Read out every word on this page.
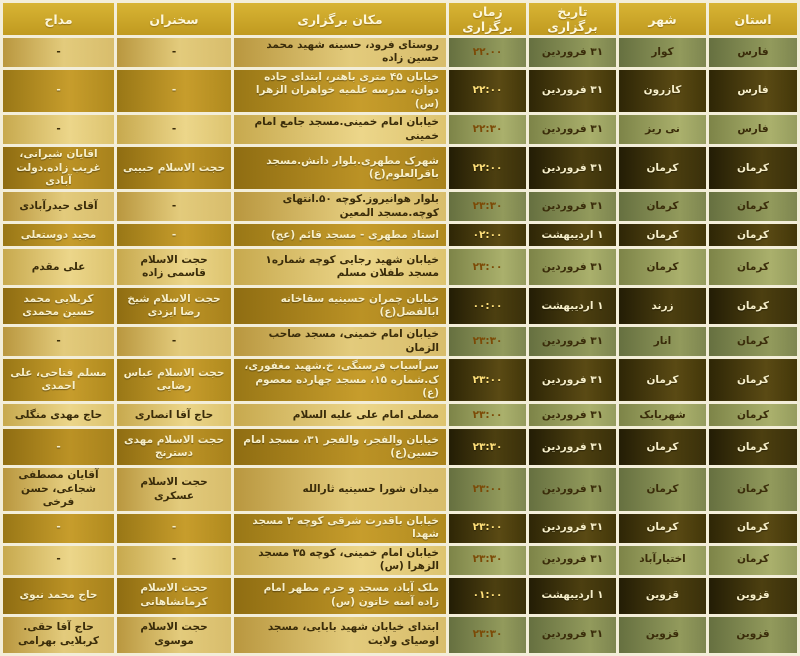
استان	شهر	تاریخ برگزاری	زمان برگزاری	مکان برگزاری	سخنران	مداح
فارس	کوار	۳۱ فروردین	۲۲.۰۰	روستای فرود، حسینه شهید محمد حسین زاده	-	-
فارس	کازرون	۳۱ فروردین	۲۲:۰۰	خیابان ۴۵ متری باهنر، ابتدای جاده دوان، مدرسه علمیه خواهران الزهرا (س)	-	-
فارس	نی ریز	۳۱ فروردین	۲۲:۳۰	خیابان امام خمینی.مسجد جامع امام خمینی	-	-
کرمان	کرمان	۳۱ فروردین	۲۲:۰۰	شهرک مطهری.بلوار دانش.مسجد باقرالعلوم(ع)	حجت الاسلام حبیبی	اقایان شیرانی، غریب زاده.دولت آبادی
کرمان	کرمان	۳۱ فروردین	۲۳:۳۰	بلوار هوانیروز.کوچه ۵۰.انتهای کوچه.مسجد المعین	-	آقای حیدرآبادی
کرمان	کرمان	۱ اردیبهشت	۰۲:۰۰	استاد مطهری - مسجد قائم (عج)	-	مجید دوستعلی
کرمان	کرمان	۳۱ فروردین	۲۳:۰۰	خیابان شهید رجایی کوچه شماره۱ مسجد طفلان مسلم	حجت الاسلام قاسمی زاده	علی مقدم
کرمان	زرند	۱ اردیبهشت	۰۰:۰۰	خیابان چمران حسینیه سقاخانه ابالفضل(ع)	حجت الاسلام شیخ رضا ایزدی	کربلایی محمد حسین محمدی
کرمان	انار	۳۱ فروردین	۲۳:۳۰	خیابان امام خمینی، مسجد صاحب الزمان	-	-
کرمان	کرمان	۳۱ فروردین	۲۳:۰۰	سرآسیاب فرسنگی، خ.شهید مغفوری، ک.شماره ۱۵، مسجد چهارده معصوم (ع)	حجت الاسلام عباس رضایی	مسلم فتاحی، علی احمدی
کرمان	شهربابک	۳۱ فروردین	۲۳:۰۰	مصلی امام علی علیه السلام	حاج آقا انصاری	حاج مهدی منگلی
کرمان	کرمان	۳۱ فروردین	۲۳:۳۰	خیابان والفجر، والفجر ۳۱، مسجد امام حسین(ع)	حجت الاسلام مهدی دسترنج	-
کرمان	کرمان	۳۱ فروردین	۲۳:۰۰	میدان شورا حسینیه ثارالله	حجت الاسلام عسکری	آقایان مصطفی شجاعی، حسن فرخی
کرمان	کرمان	۳۱ فروردین	۲۳:۰۰	خیابان باقدرت شرقی کوچه ۳ مسجد شهدا	-	-
کرمان	اختیارآباد	۳۱ فروردین	۲۳:۳۰	خیابان امام خمینی، کوچه ۳۵ مسجد الزهرا (س)	-	-
قزوین	قزوین	۱ اردیبهشت	۰۱:۰۰	ملک آباد، مسجد و حرم مطهر امام زاده آمنه خاتون (س)	حجت الاسلام کرمانشاهانی	حاج محمد نبوی
قزوین	قزوین	۳۱ فروردین	۲۳:۳۰	ابتدای خیابان شهید بابایی، مسجد اوصیای ولایت	حجت الاسلام موسوی	حاج آقا حقی. کربلایی بهرامی
